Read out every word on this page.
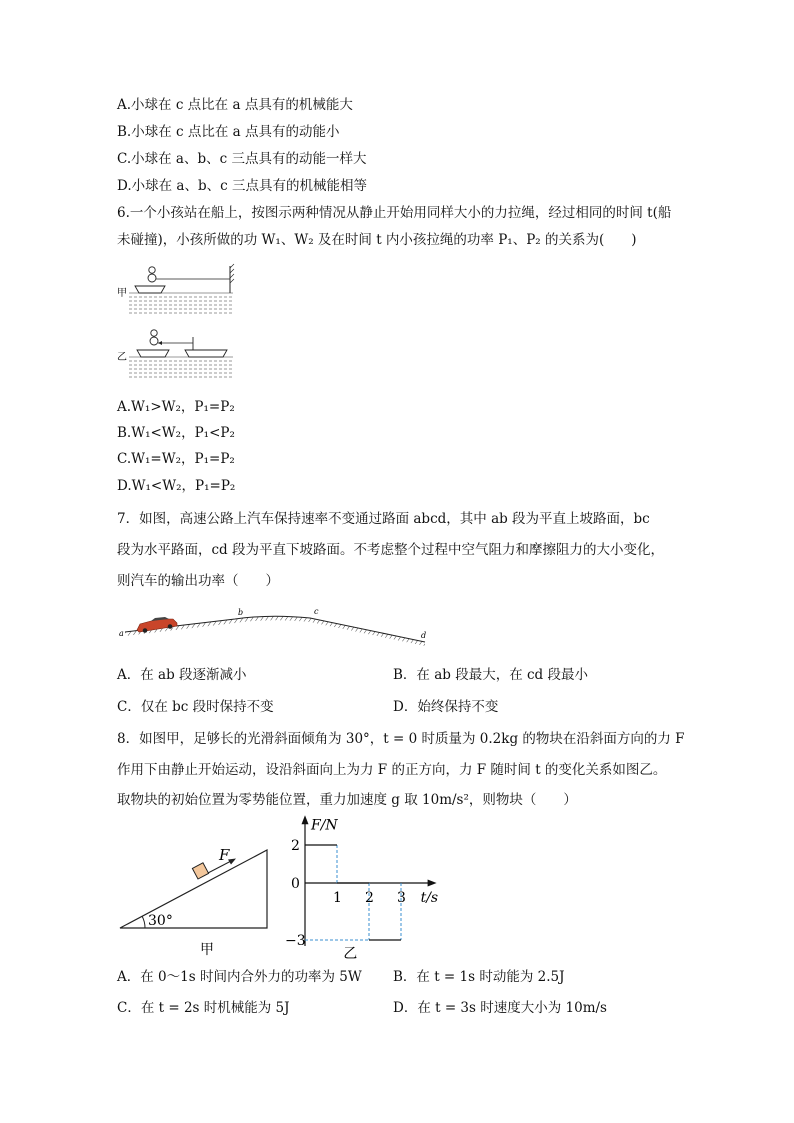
A.小球在 c 点比在 a 点具有的机械能大
B.小球在 c 点比在 a 点具有的动能小
C.小球在 a、b、c 三点具有的动能一样大
D.小球在 a、b、c 三点具有的机械能相等
6.一个小孩站在船上，按图示两种情况从静止开始用同样大小的力拉绳，经过相同的时间 t(船
未碰撞)，小孩所做的功 W₁、W₂ 及在时间 t 内小孩拉绳的功率 P₁、P₂ 的关系为(　　)
甲
乙
A.W₁>W₂，P₁=P₂
B.W₁<W₂，P₁<P₂
C.W₁=W₂，P₁=P₂
D.W₁<W₂，P₁=P₂
7．如图，高速公路上汽车保持速率不变通过路面 abcd，其中 ab 段为平直上坡路面，bc
段为水平路面，cd 段为平直下坡路面。不考虑整个过程中空气阻力和摩擦阻力的大小变化，
则汽车的输出功率（　　）
a
b	c
d
A．在 ab 段逐渐减小	B．在 ab 段最大，在 cd 段最小
C．仅在 bc 段时保持不变	D．始终保持不变
8．如图甲，足够长的光滑斜面倾角为 30°，t = 0 时质量为 0.2kg 的物块在沿斜面方向的力 F
作用下由静止开始运动，设沿斜面向上为力 F 的正方向，力 F 随时间 t 的变化关系如图乙。
取物块的初始位置为零势能位置，重力加速度 g 取 10m/s²，则物块（　　）
30°
F
甲
F/N
t/s
1 2 3
2
0
−3
乙
A．在 0～1s 时间内合外力的功率为 5W B．在 t = 1s 时动能为 2.5J
C．在 t = 2s 时机械能为 5J	D．在 t = 3s 时速度大小为 10m/s
